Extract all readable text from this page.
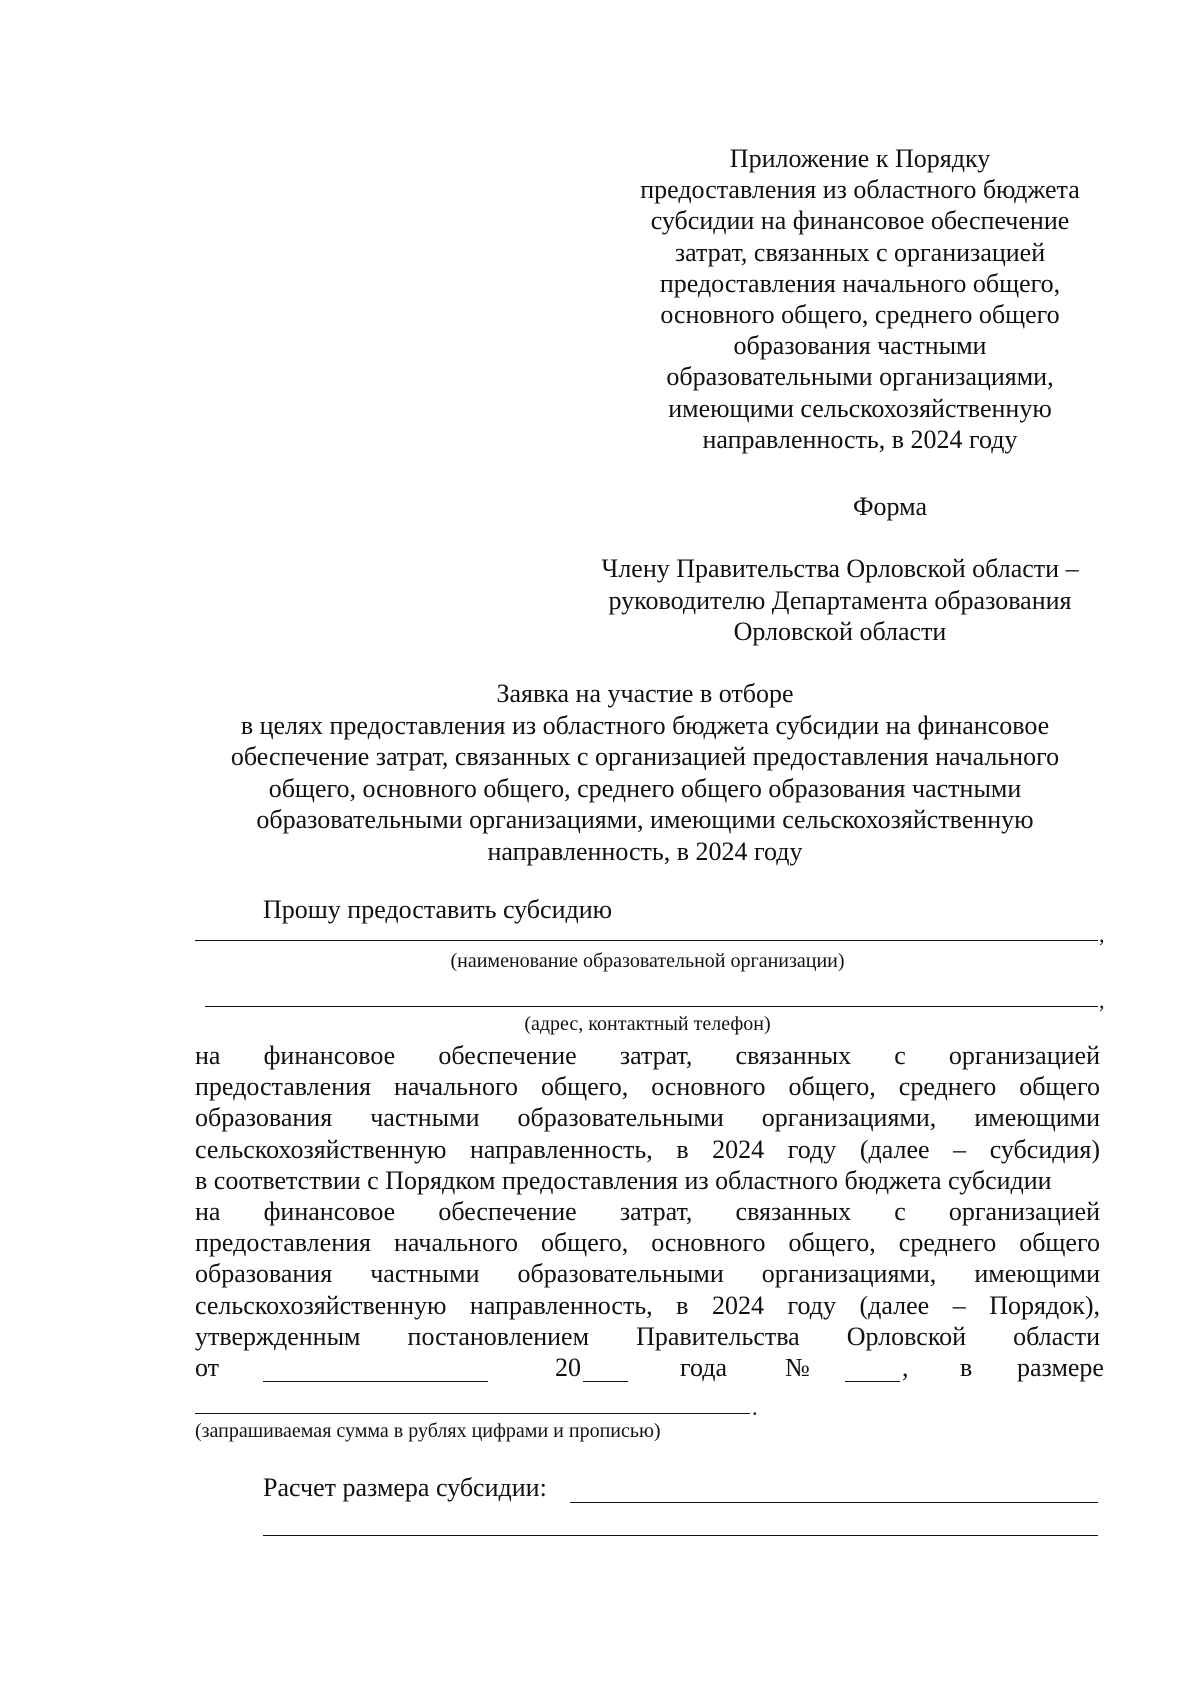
Приложение к Порядку
предоставления из областного бюджета
субсидии на финансовое обеспечение
затрат, связанных с организацией
предоставления начального общего,
основного общего, среднего общего
образования частными
образовательными организациями,
имеющими сельскохозяйственную
направленность, в 2024 году
Форма
Члену Правительства Орловской области –
руководителю Департамента образования
Орловской области
Заявка на участие в отборе
в целях предоставления из областного бюджета субсидии на финансовое
обеспечение затрат, связанных с организацией предоставления начального
общего, основного общего, среднего общего образования частными
образовательными организациями, имеющими сельскохозяйственную
направленность, в 2024 году
Прошу предоставить субсидию
,
(наименование образовательной организации)
,
(адрес, контактный телефон)
на финансовое обеспечение затрат, связанных с организацией
предоставления начального общего, основного общего, среднего общего
образования частными образовательными организациями, имеющими
сельскохозяйственную направленность, в 2024 году (далее – субсидия)
в соответствии с Порядком предоставления из областного бюджета субсидии
на финансовое обеспечение затрат, связанных с организацией
предоставления начального общего, основного общего, среднего общего
образования частными образовательными организациями, имеющими
сельскохозяйственную направленность, в 2024 году (далее – Порядок),
утвержденным постановлением Правительства Орловской области
от	20	года №	, в размере
.
(запрашиваемая сумма в рублях цифрами и прописью)
Расчет размера субсидии:
